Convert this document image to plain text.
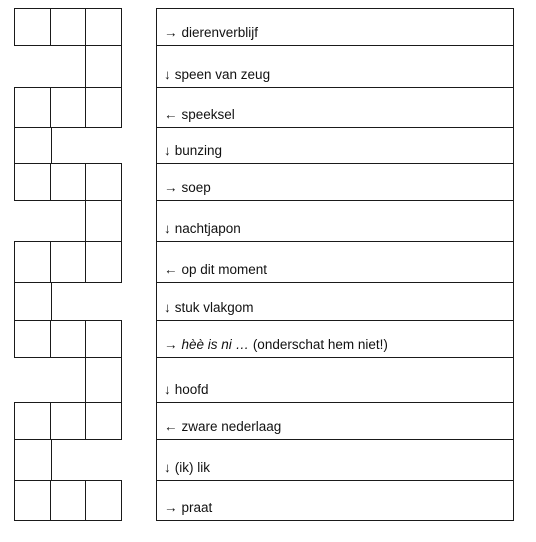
→ dierenverblijf
↓ speen van zeug
← speeksel
↓ bunzing
→ soep
↓ nachtjapon
← op dit moment
↓ stuk vlakgom
→ hèè is ni … (onderschat hem niet!)
↓ hoofd
← zware nederlaag
↓ (ik) lik
→ praat
